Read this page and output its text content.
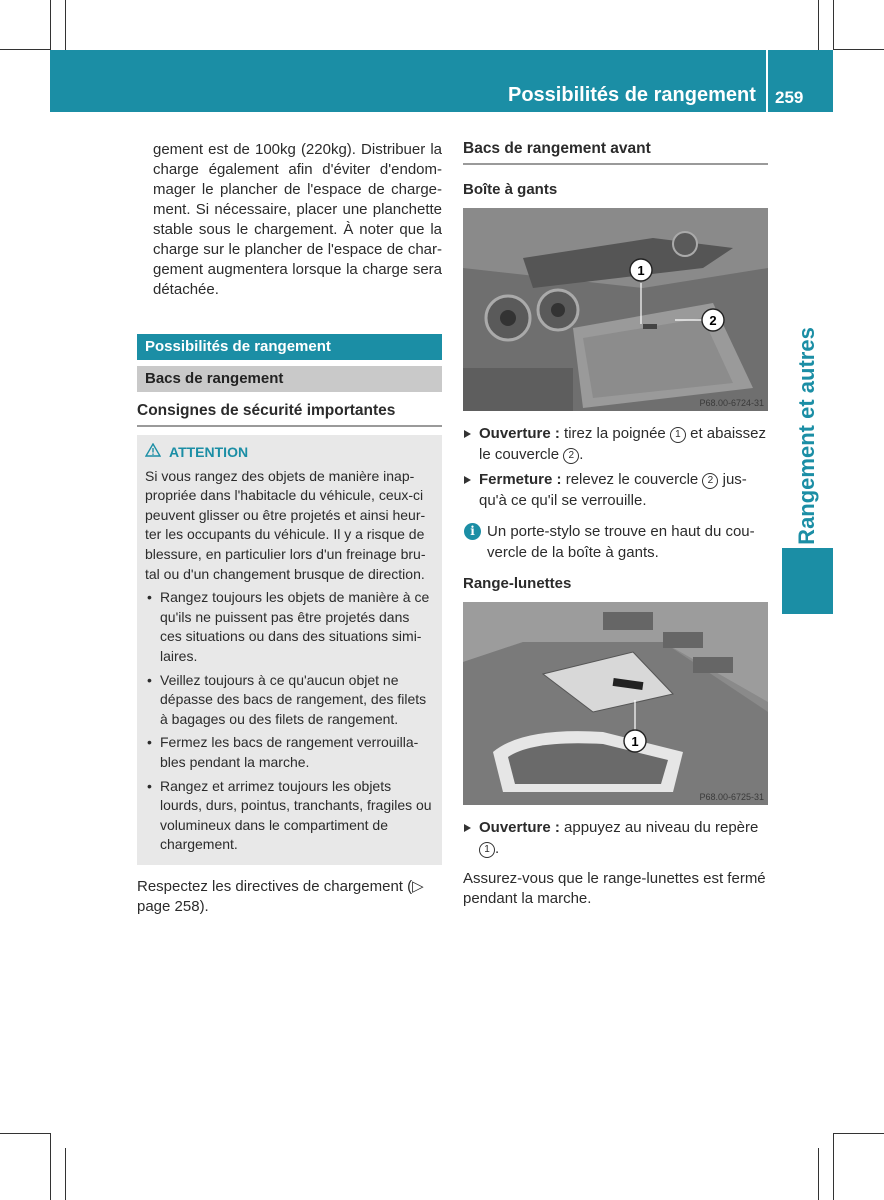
Possibilités de rangement 259
Rangement et autres

gement est de 100kg (220kg). Distribuer la charge également afin d'éviter d'endom-mager le plancher de l'espace de charge-ment. Si nécessaire, placer une planchette stable sous le chargement. À noter que la charge sur le plancher de l'espace de char-gement augmentera lorsque la charge sera détachée.

Possibilités de rangement
Bacs de rangement
Consignes de sécurité importantes
ATTENTION

Si vous rangez des objets de manière inap-propriée dans l'habitacle du véhicule, ceux-ci peuvent glisser ou être projetés et ainsi heur-ter les occupants du véhicule. Il y a risque de blessure, en particulier lors d'un freinage bru-tal ou d'un changement brusque de direction.

• Rangez toujours les objets de manière à ce qu'ils ne puissent pas être projetés dans ces situations ou dans des situations simi-laires.
• Veillez toujours à ce qu'aucun objet ne dépasse des bacs de rangement, des filets à bagages ou des filets de rangement.
• Fermez les bacs de rangement verrouilla-bles pendant la marche.
• Rangez et arrimez toujours les objets lourds, durs, pointus, tranchants, fragiles ou volumineux dans le compartiment de chargement.

Respectez les directives de chargement (▷ page 258).

Bacs de rangement avant
Boîte à gants
1
2
P68.00-6724-31
Ouverture : tirez la poignée 1 et abaissez le couvercle 2 .
Fermeture : relevez le couvercle 2 jus-qu'à ce qu'il se verrouille.
i Un porte-stylo se trouve en haut du cou-vercle de la boîte à gants.
Range-lunettes
1
P68.00-6725-31
Ouverture : appuyez au niveau du repère 1 .

Assurez-vous que le range-lunettes est fermé pendant la marche.
